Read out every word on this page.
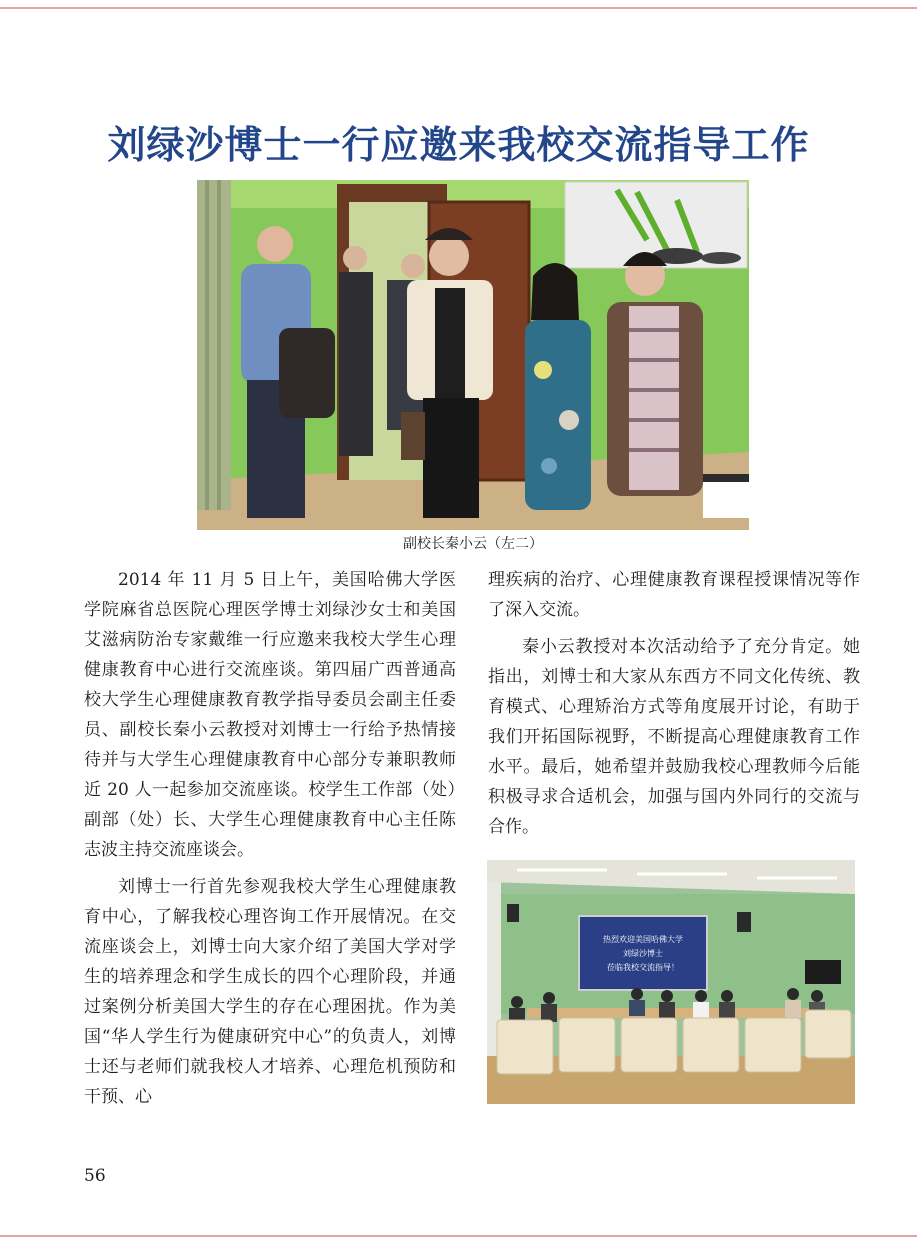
刘绿沙博士一行应邀来我校交流指导工作
副校长秦小云（左二）

2014 年 11 月 5 日上午，美国哈佛大学医学院麻省总医院心理医学博士刘绿沙女士和美国艾滋病防治专家戴维一行应邀来我校大学生心理健康教育中心进行交流座谈。第四届广西普通高校大学生心理健康教育教学指导委员会副主任委员、副校长秦小云教授对刘博士一行给予热情接待并与大学生心理健康教育中心部分专兼职教师近 20 人一起参加交流座谈。校学生工作部（处）副部（处）长、大学生心理健康教育中心主任陈志波主持交流座谈会。

刘博士一行首先参观我校大学生心理健康教育中心，了解我校心理咨询工作开展情况。在交流座谈会上，刘博士向大家介绍了美国大学对学生的培养理念和学生成长的四个心理阶段，并通过案例分析美国大学生的存在心理困扰。作为美国“华人学生行为健康研究中心”的负责人，刘博士还与老师们就我校人才培养、心理危机预防和干预、心

理疾病的治疗、心理健康教育课程授课情况等作了深入交流。

秦小云教授对本次活动给予了充分肯定。她指出，刘博士和大家从东西方不同文化传统、教育模式、心理矫治方式等角度展开讨论，有助于我们开拓国际视野，不断提高心理健康教育工作水平。最后，她希望并鼓励我校心理教师今后能积极寻求合适机会，加强与国内外同行的交流与合作。

热烈欢迎美国哈佛大学
刘绿沙博士
莅临我校交流指导！
56
